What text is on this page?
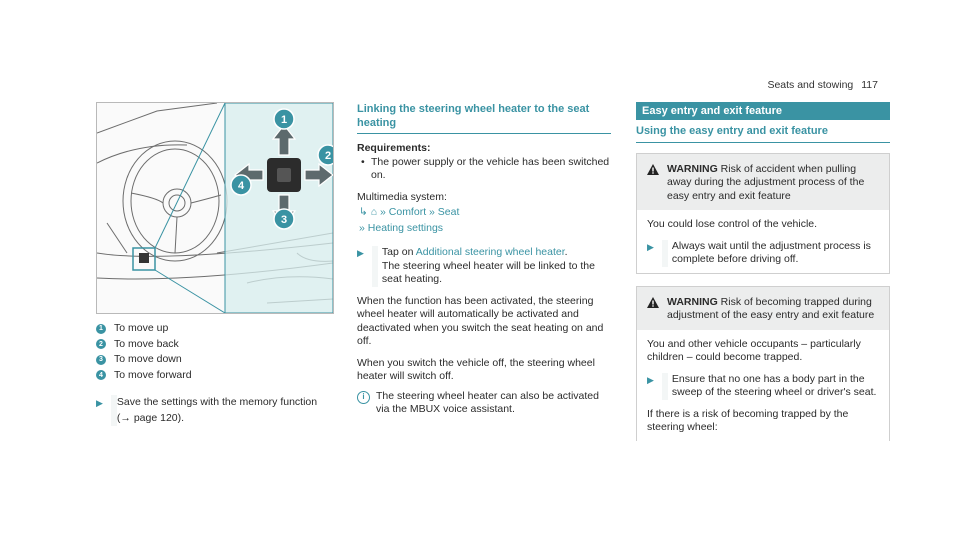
Seats and stowing 117
1
2
3
4
1 To move up
2 To move back
3 To move down
4 To move forward
▶	Save the settings with the memory function
(→ page 120).
Linking the steering wheel heater to the seat heating
Requirements:
• The power supply or the vehicle has been switched on.
Multimedia system:
↳ ⌂ » Comfort » Seat
» Heating settings
▶	Tap on Additional steering wheel heater.
The steering wheel heater will be linked to the seat heating.
When the function has been activated, the steering wheel heater will automatically be activated and deactivated when you switch the seat heating on and off.
When you switch the vehicle off, the steering wheel heater will switch off.
i	The steering wheel heater can also be activated via the MBUX voice assistant.
Easy entry and exit feature
Using the easy entry and exit feature
WARNING Risk of accident when pulling away during the adjustment process of the easy entry and exit feature
You could lose control of the vehicle.
▶	Always wait until the adjustment process is complete before driving off.
WARNING Risk of becoming trapped during adjustment of the easy entry and exit feature
You and other vehicle occupants – particularly children – could become trapped.
▶	Ensure that no one has a body part in the sweep of the steering wheel or driver's seat.
If there is a risk of becoming trapped by the steering wheel:
